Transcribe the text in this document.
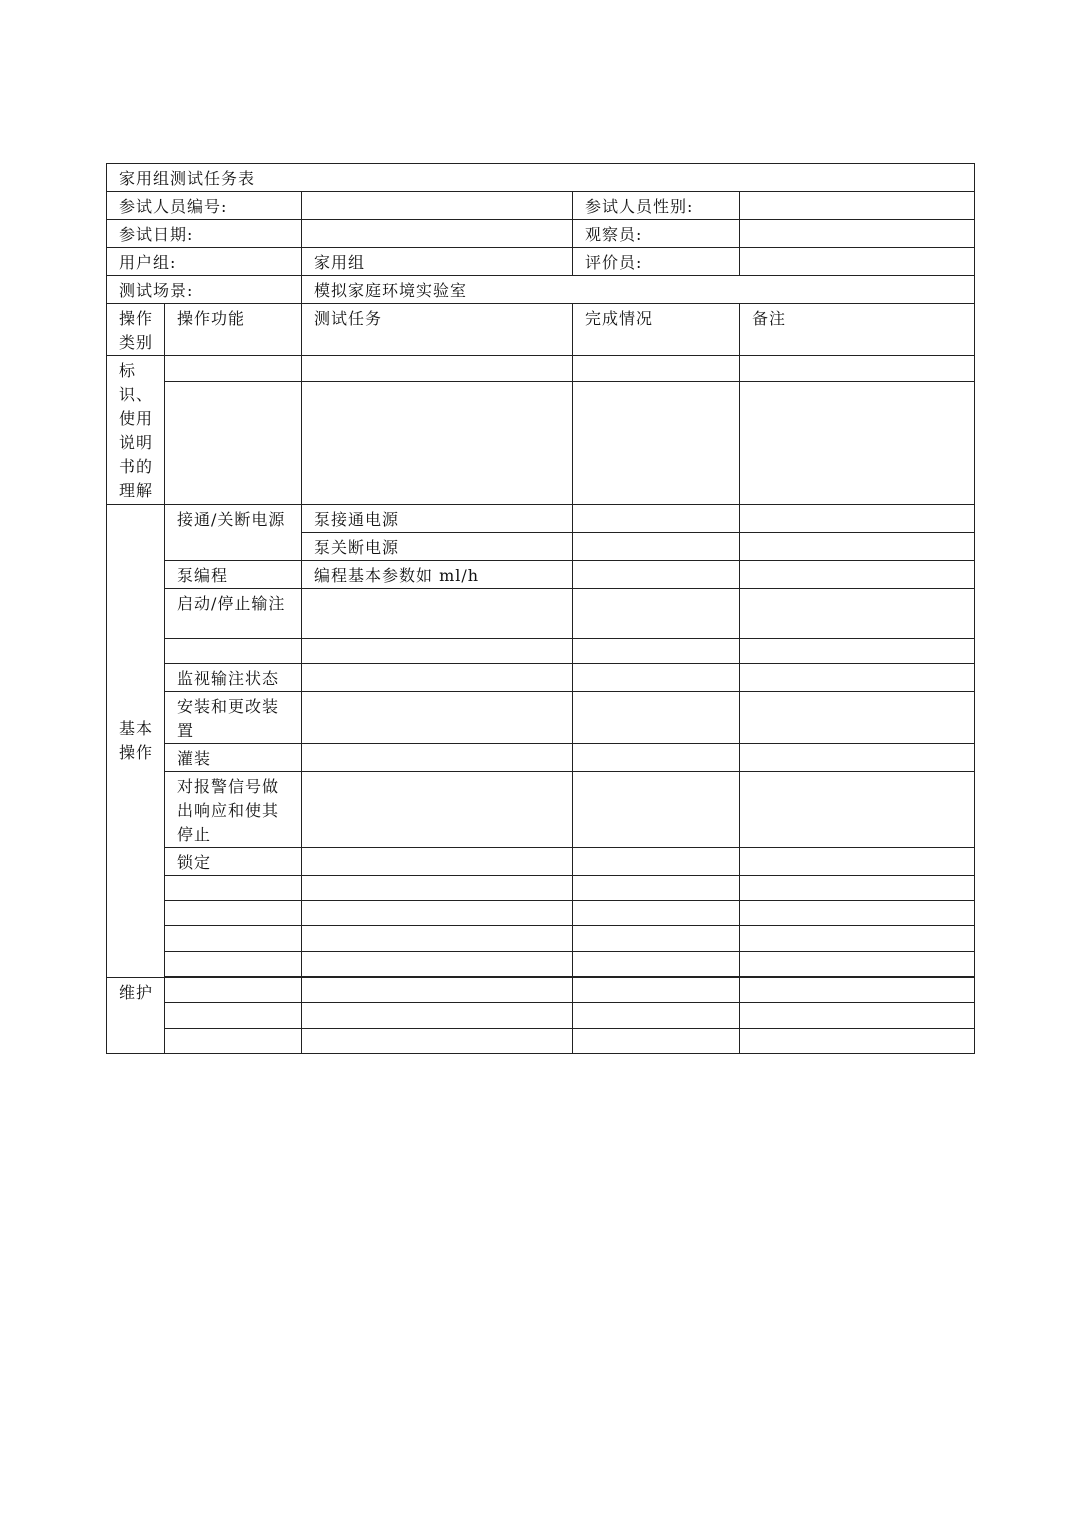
家用组测试任务表				
参试人员编号:			参试人员性别:	
参试日期:			观察员:	
用户组:		家用组	评价员:	
测试场景:		模拟家庭环境实验室		
操作类别	操作功能	测试任务	完成情况	备注
标识、使用说明书的理解				

基本操作	接通/关断电源	泵接通电源		
		泵关断电源		
	泵编程	编程基本参数如 ml/h		
	启动/停止输注			

	监视输注状态			
	安装和更改装置			
	灌装			
	对报警信号做出响应和使其停止			
	锁定			

维护				
